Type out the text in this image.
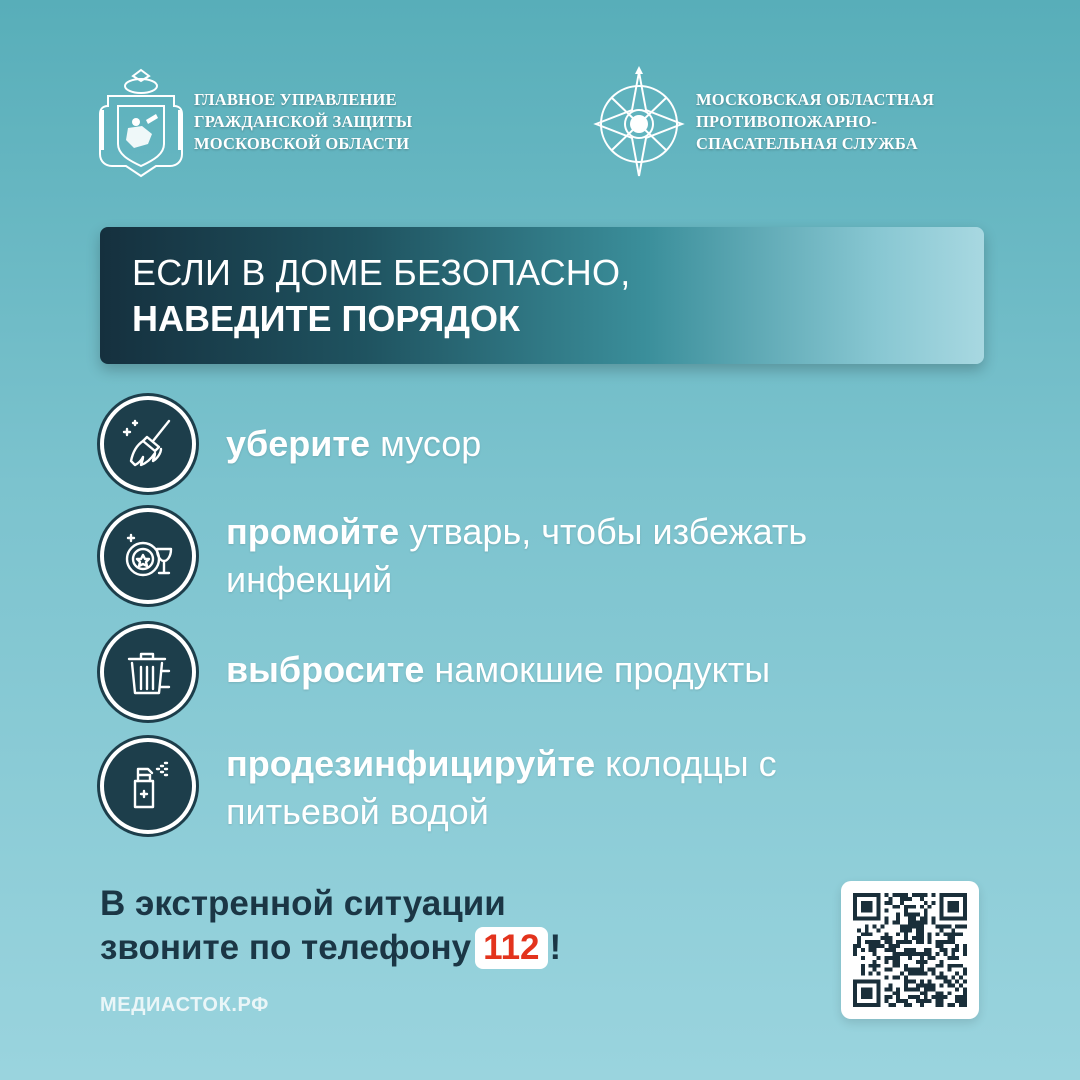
ГЛАВНОЕ УПРАВЛЕНИЕ
ГРАЖДАНСКОЙ ЗАЩИТЫ
МОСКОВСКОЙ ОБЛАСТИ
МОСКОВСКАЯ ОБЛАСТНАЯ
ПРОТИВОПОЖАРНО-
СПАСАТЕЛЬНАЯ СЛУЖБА
ЕСЛИ В ДОМЕ БЕЗОПАСНО,
НАВЕДИТЕ ПОРЯДОК
уберите мусор
промойте утварь, чтобы избежать инфекций
выбросите намокшие продукты
продезинфицируйте колодцы с питьевой водой
В экстренной ситуации
звоните по телефону 112 !
МЕДИАСТОК.РФ
